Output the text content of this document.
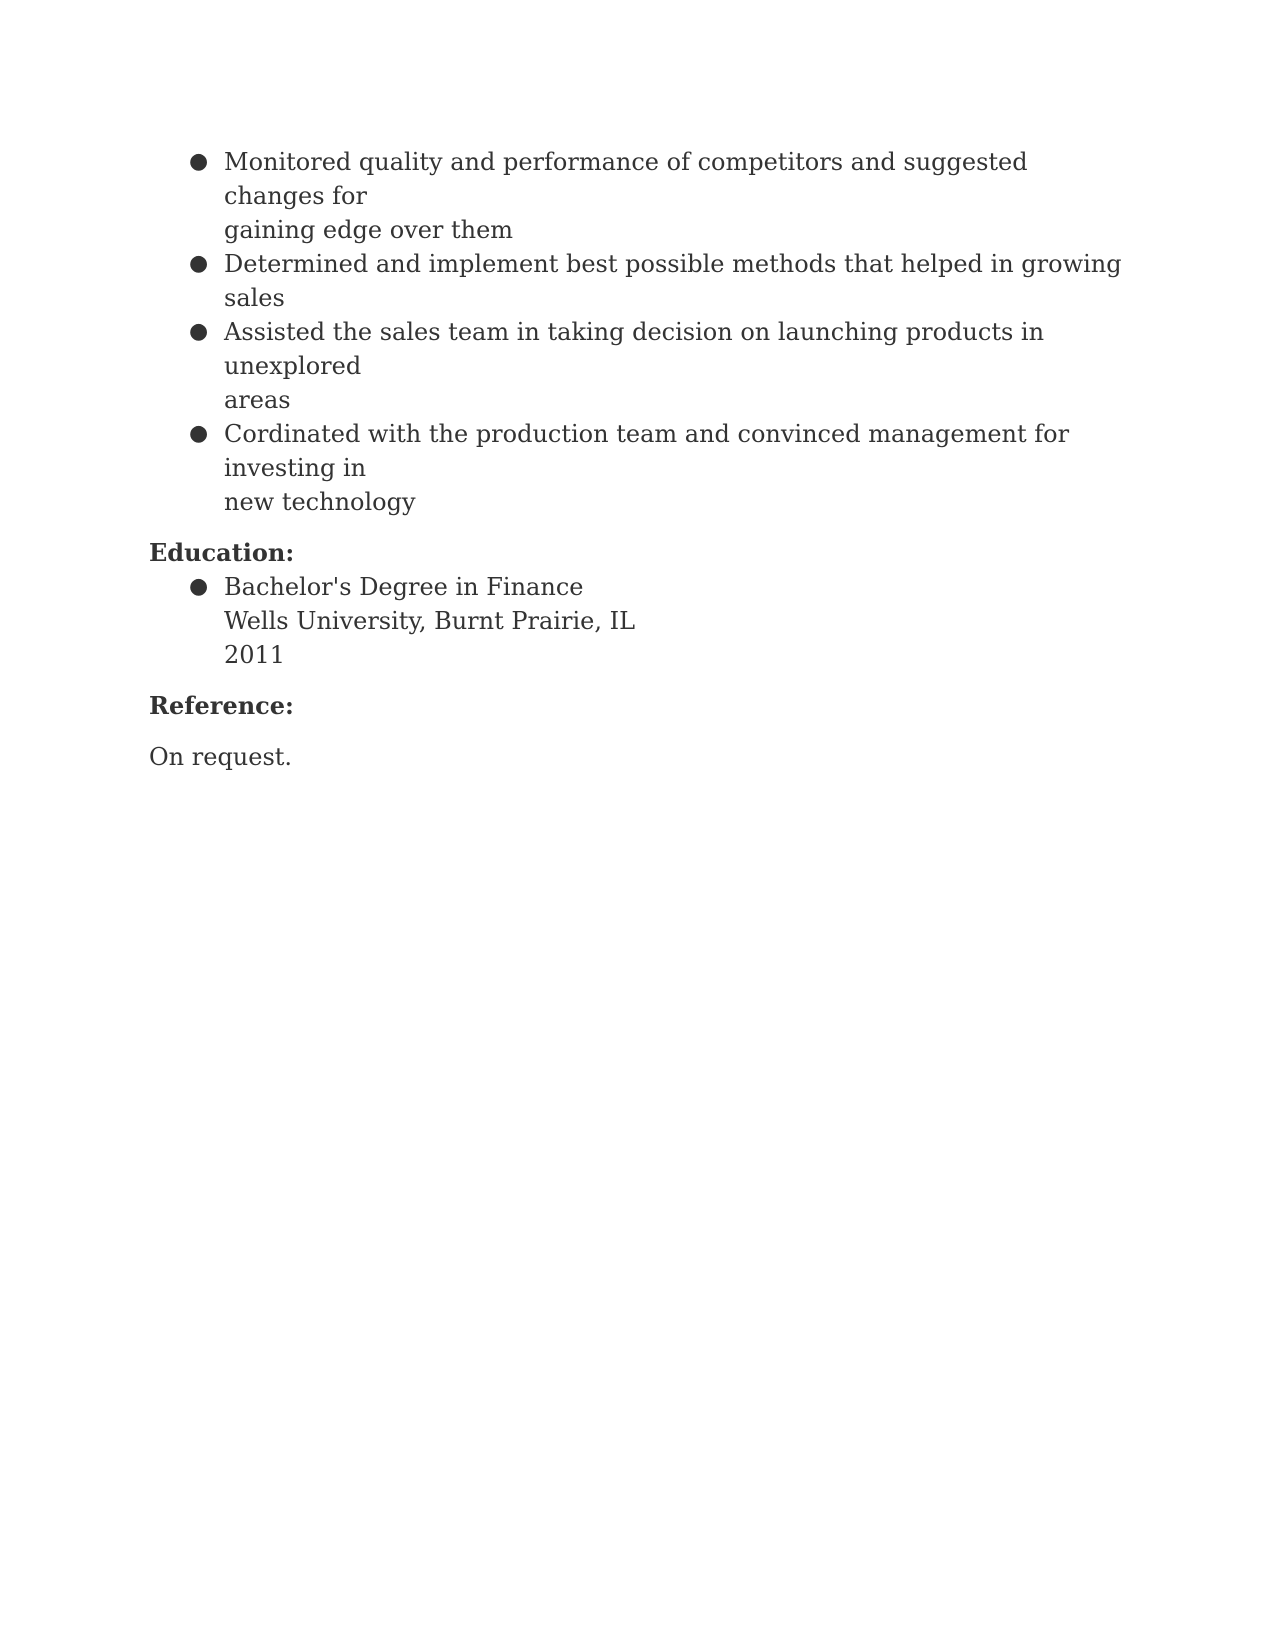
● Monitored quality and performance of competitors and suggested changes for
gaining edge over them
● Determined and implement best possible methods that helped in growing sales
● Assisted the sales team in taking decision on launching products in unexplored
areas
● Cordinated with the production team and convinced management for investing in
new technology
Education:
● Bachelor's Degree in Finance
Wells University, Burnt Prairie, IL
2011
Reference:

On request.
